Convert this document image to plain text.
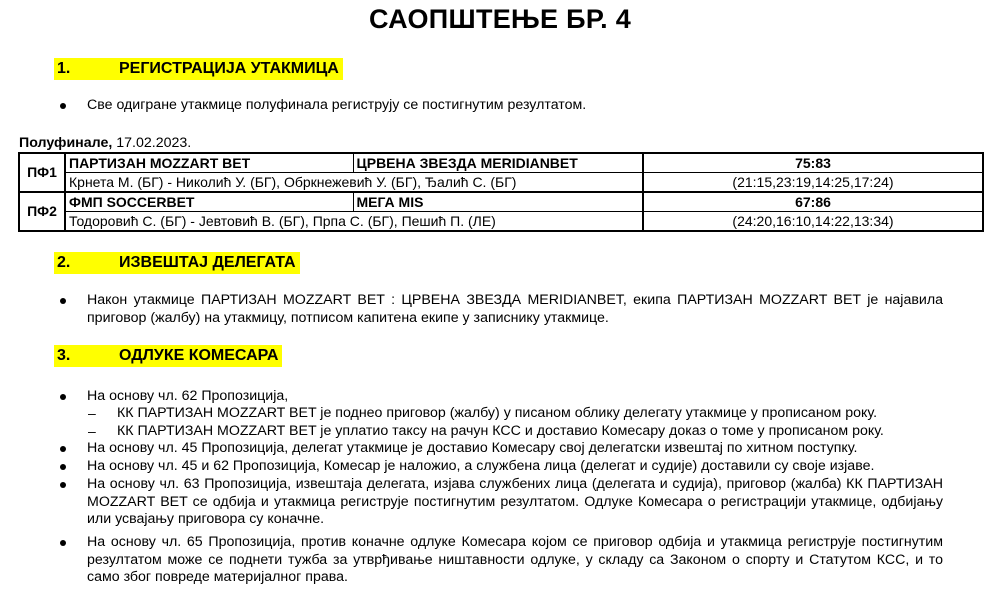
САОПШТЕЊЕ БР. 4
1.	РЕГИСТРАЦИЈА УТАКМИЦА
Све одигране утакмице полуфинала региструју се постигнутим резултатом.
Полуфинале, 17.02.2023.
ПФ1	ПАРТИЗАН MOZZART BET	ЦРВЕНА ЗВЕЗДА MERIDIANBET	75:83
	Крнета М. (БГ) - Николић У. (БГ), Обркнежевић У. (БГ), Ђалић С. (БГ)		(21:15,23:19,14:25,17:24)
ПФ2	ФМП SOCCERBET	МЕГА MIS	67:86
	Тодоровић С. (БГ) - Јевтовић В. (БГ), Прпа С. (БГ), Пешић П. (ЛЕ)		(24:20,16:10,14:22,13:34)
2.	ИЗВЕШТАЈ ДЕЛЕГАТА
Након утакмице ПАРТИЗАН MOZZART BET : ЦРВЕНА ЗВЕЗДА MERIDIANBET, екипа ПАРТИЗАН MOZZART BET је најавила приговор (жалбу) на утакмицу, потписом капитена екипе у записнику утакмице.
3.	ОДЛУКЕ КОМЕСАРА
На основу чл. 62 Пропозиција,
– КК ПАРТИЗАН MOZZART BET је поднео приговор (жалбу) у писаном облику делегату утакмице у прописаном року.
– КК ПАРТИЗАН MOZZART BET је уплатио таксу на рачун КСС и доставио Комесару доказ о томе у прописаном року.
На основу чл. 45 Пропозиција, делегат утакмице је доставио Комесару свој делегатски извештај по хитном поступку.
На основу чл. 45 и 62 Пропозиција, Комесар је наложио, а службена лица (делегат и судије) доставили су своје изјаве.
На основу чл. 63 Пропозиција, извештаја делегата, изјава службених лица (делегата и судија), приговор (жалба) КК ПАРТИЗАН MOZZART BET се одбија и утакмица региструје постигнутим резултатом. Одлуке Комесара о регистрацији утакмице, одбијању или усвајању приговора су коначне.
На основу чл. 65 Пропозиција, против коначне одлуке Комесара којом се приговор одбија и утакмица региструје постигнутим резултатом може се поднети тужба за утврђивање ништавности одлуке, у складу са Законом о спорту и Статутом КСС, и то само због повреде материјалног права.
